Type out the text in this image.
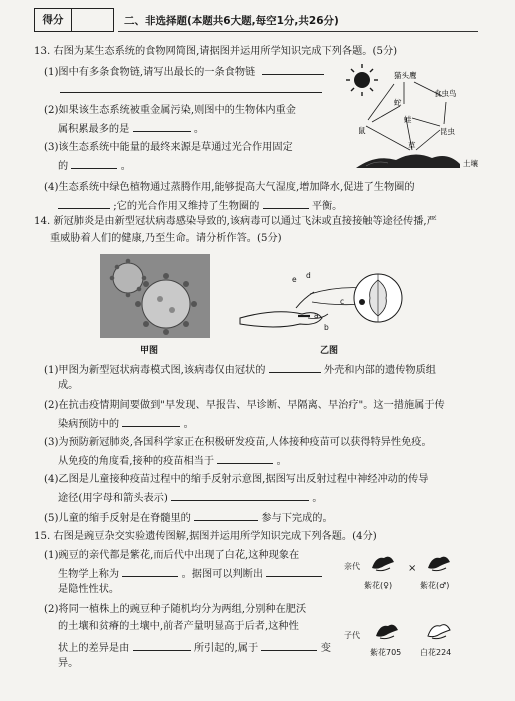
得分	二、非选择题(本题共6大题,每空1分,共26分)
13. 右图为某生态系统的食物网简图,请据图并运用所学知识完成下列各题。(5分)
(1)图中有多条食物链,请写出最长的一条食物链
(2)如果该生态系统被重金属污染,则图中的生物体内重金
属积累最多的是	。
(3)该生态系统中能量的最终来源是草通过光合作用固定
的	。
(4)生态系统中绿色植物通过蒸腾作用,能够提高大气湿度,增加降水,促进了生物圈的
;它的光合作用又维持了生物圈的	平衡。
猫头鹰
食虫鸟
蛇
蛙
鼠	昆虫
草
土壤
14. 新冠肺炎是由新型冠状病毒感染导致的,该病毒可以通过飞沫或直接接触等途径传播,严
重威胁着人们的健康,乃至生命。请分析作答。(5分)
甲图
e d
c
b
a
乙图
(1)甲图为新型冠状病毒模式图,该病毒仅由冠状的	外壳和内部的遗传物质组
成。
(2)在抗击疫情期间要做到"早发现、早报告、早诊断、早隔离、早治疗"。这一措施属于传
染病预防中的	。
(3)为预防新冠肺炎,各国科学家正在积极研发疫苗,人体接种疫苗可以获得特异性免疫。
从免疫的角度看,接种的疫苗相当于	。
(4)乙图是儿童接种疫苗过程中的缩手反射示意图,据图写出反射过程中神经冲动的传导
途径(用字母和箭头表示)	。
(5)儿童的缩手反射是在脊髓里的	参与下完成的。
15. 右图是豌豆杂交实验遗传图解,据图并运用所学知识完成下列各题。(4分)
(1)豌豆的亲代都是紫花,而后代中出现了白花,这种现象在
生物学上称为	。据图可以判断出
是隐性性状。
(2)将同一植株上的豌豆种子随机均分为两组,分别种在肥沃
的土壤和贫瘠的土壤中,前者产量明显高于后者,这种性
状上的差异是由	所引起的,属于	变
异。
亲代	×
紫花(♀)	紫花(♂)
子代
紫花705 白花224
